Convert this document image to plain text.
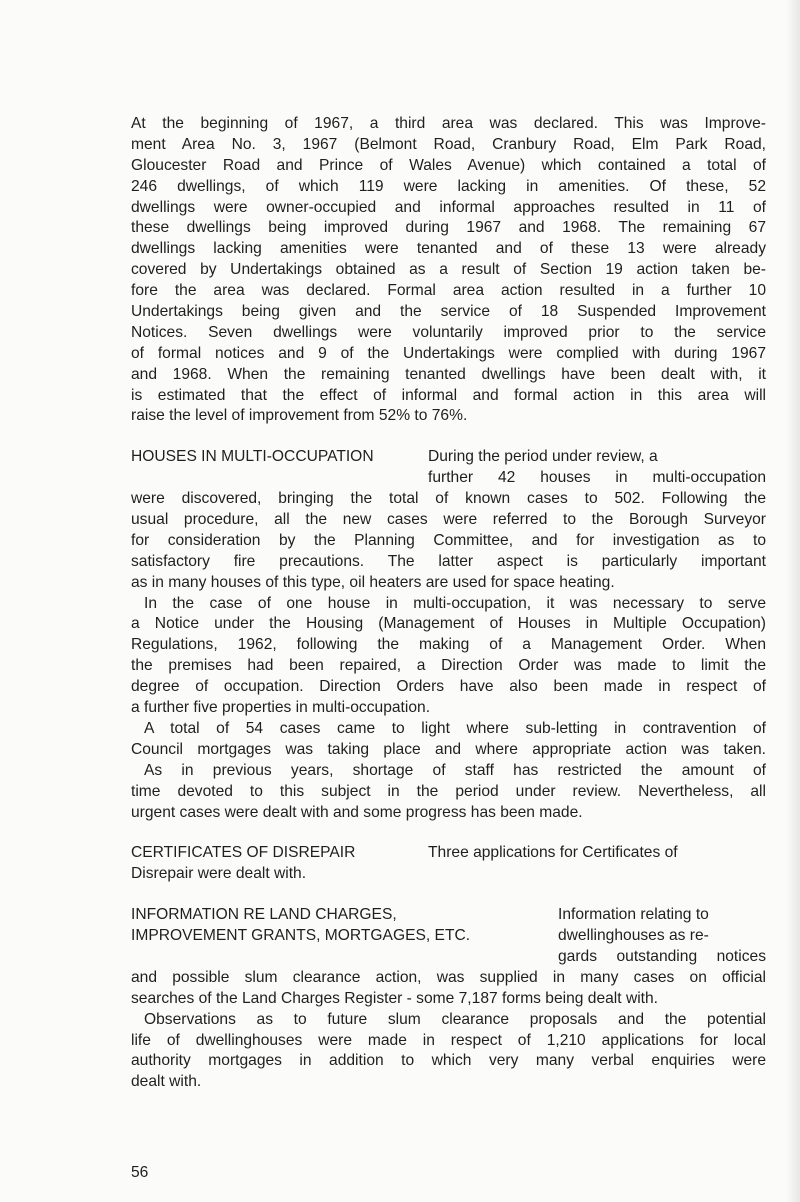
At the beginning of 1967, a third area was declared. This was Improve-
ment Area No. 3, 1967 (Belmont Road, Cranbury Road, Elm Park Road,
Gloucester Road and Prince of Wales Avenue) which contained a total of
246 dwellings, of which 119 were lacking in amenities. Of these, 52
dwellings were owner-occupied and informal approaches resulted in 11 of
these dwellings being improved during 1967 and 1968. The remaining 67
dwellings lacking amenities were tenanted and of these 13 were already
covered by Undertakings obtained as a result of Section 19 action taken be-
fore the area was declared. Formal area action resulted in a further 10
Undertakings being given and the service of 18 Suspended Improvement
Notices. Seven dwellings were voluntarily improved prior to the service
of formal notices and 9 of the Undertakings were complied with during 1967
and 1968. When the remaining tenanted dwellings have been dealt with, it
is estimated that the effect of informal and formal action in this area will
raise the level of improvement from 52% to 76%.

HOUSES IN MULTI-OCCUPATION	During the period under review, a
further 42 houses in multi-occupation
were discovered, bringing the total of known cases to 502. Following the
usual procedure, all the new cases were referred to the Borough Surveyor
for consideration by the Planning Committee, and for investigation as to
satisfactory fire precautions. The latter aspect is particularly important
as in many houses of this type, oil heaters are used for space heating.
In the case of one house in multi-occupation, it was necessary to serve
a Notice under the Housing (Management of Houses in Multiple Occupation)
Regulations, 1962, following the making of a Management Order. When
the premises had been repaired, a Direction Order was made to limit the
degree of occupation. Direction Orders have also been made in respect of
a further five properties in multi-occupation.
A total of 54 cases came to light where sub-letting in contravention of
Council mortgages was taking place and where appropriate action was taken.
As in previous years, shortage of staff has restricted the amount of
time devoted to this subject in the period under review. Nevertheless, all
urgent cases were dealt with and some progress has been made.
CERTIFICATES OF DISREPAIR	Three applications for Certificates of
Disrepair were dealt with.
INFORMATION RE LAND CHARGES,	Information relating to
IMPROVEMENT GRANTS, MORTGAGES, ETC.	dwellinghouses as re-
gards outstanding notices
and possible slum clearance action, was supplied in many cases on official
searches of the Land Charges Register - some 7,187 forms being dealt with.
Observations as to future slum clearance proposals and the potential
life of dwellinghouses were made in respect of 1,210 applications for local
authority mortgages in addition to which very many verbal enquiries were
dealt with.
56
